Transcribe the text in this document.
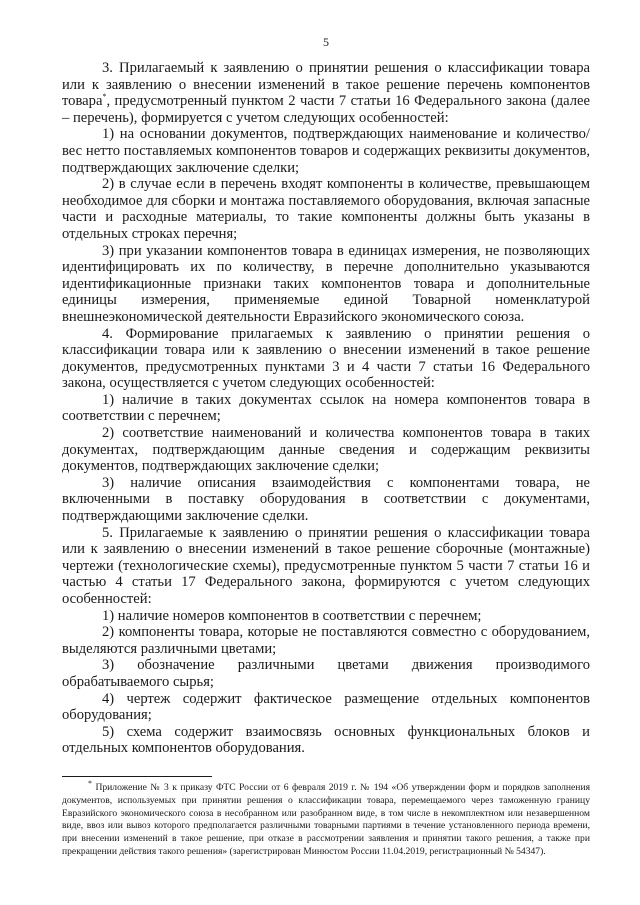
5

3. Прилагаемый к заявлению о принятии решения о классификации товара или к заявлению о внесении изменений в такое решение перечень компонентов товара*, предусмотренный пунктом 2 части 7 статьи 16 Федерального закона (далее – перечень), формируется с учетом следующих особенностей:

1) на основании документов, подтверждающих наименование и количество/вес нетто поставляемых компонентов товаров и содержащих реквизиты документов, подтверждающих заключение сделки;

2) в случае если в перечень входят компоненты в количестве, превышающем необходимое для сборки и монтажа поставляемого оборудования, включая запасные части и расходные материалы, то такие компоненты должны быть указаны в отдельных строках перечня;

3) при указании компонентов товара в единицах измерения, не позволяющих идентифицировать их по количеству, в перечне дополнительно указываются идентификационные признаки таких компонентов товара и дополнительные единицы измерения, применяемые единой Товарной номенклатурой внешнеэкономической деятельности Евразийского экономического союза.

4. Формирование прилагаемых к заявлению о принятии решения о классификации товара или к заявлению о внесении изменений в такое решение документов, предусмотренных пунктами 3 и 4 части 7 статьи 16 Федерального закона, осуществляется с учетом следующих особенностей:

1) наличие в таких документах ссылок на номера компонентов товара в соответствии с перечнем;

2) соответствие наименований и количества компонентов товара в таких документах, подтверждающим данные сведения и содержащим реквизиты документов, подтверждающих заключение сделки;

3) наличие описания взаимодействия с компонентами товара, не включенными в поставку оборудования в соответствии с документами, подтверждающими заключение сделки.

5. Прилагаемые к заявлению о принятии решения о классификации товара или к заявлению о внесении изменений в такое решение сборочные (монтажные) чертежи (технологические схемы), предусмотренные пунктом 5 части 7 статьи 16 и частью 4 статьи 17 Федерального закона, формируются с учетом следующих особенностей:

1) наличие номеров компонентов в соответствии с перечнем;

2) компоненты товара, которые не поставляются совместно с оборудованием, выделяются различными цветами;

3) обозначение различными цветами движения производимого обрабатываемого сырья;

4) чертеж содержит фактическое размещение отдельных компонентов оборудования;

5) схема содержит взаимосвязь основных функциональных блоков и отдельных компонентов оборудования.

* Приложение № 3 к приказу ФТС России от 6 февраля 2019 г. № 194 «Об утверждении форм и порядков заполнения документов, используемых при принятии решения о классификации товара, перемещаемого через таможенную границу Евразийского экономического союза в несобранном или разобранном виде, в том числе в некомплектном или незавершенном виде, ввоз или вывоз которого предполагается различными товарными партиями в течение установленного периода времени, при внесении изменений в такое решение, при отказе в рассмотрении заявления и принятии такого решения, а также при прекращении действия такого решения» (зарегистрирован Минюстом России 11.04.2019, регистрационный № 54347).
